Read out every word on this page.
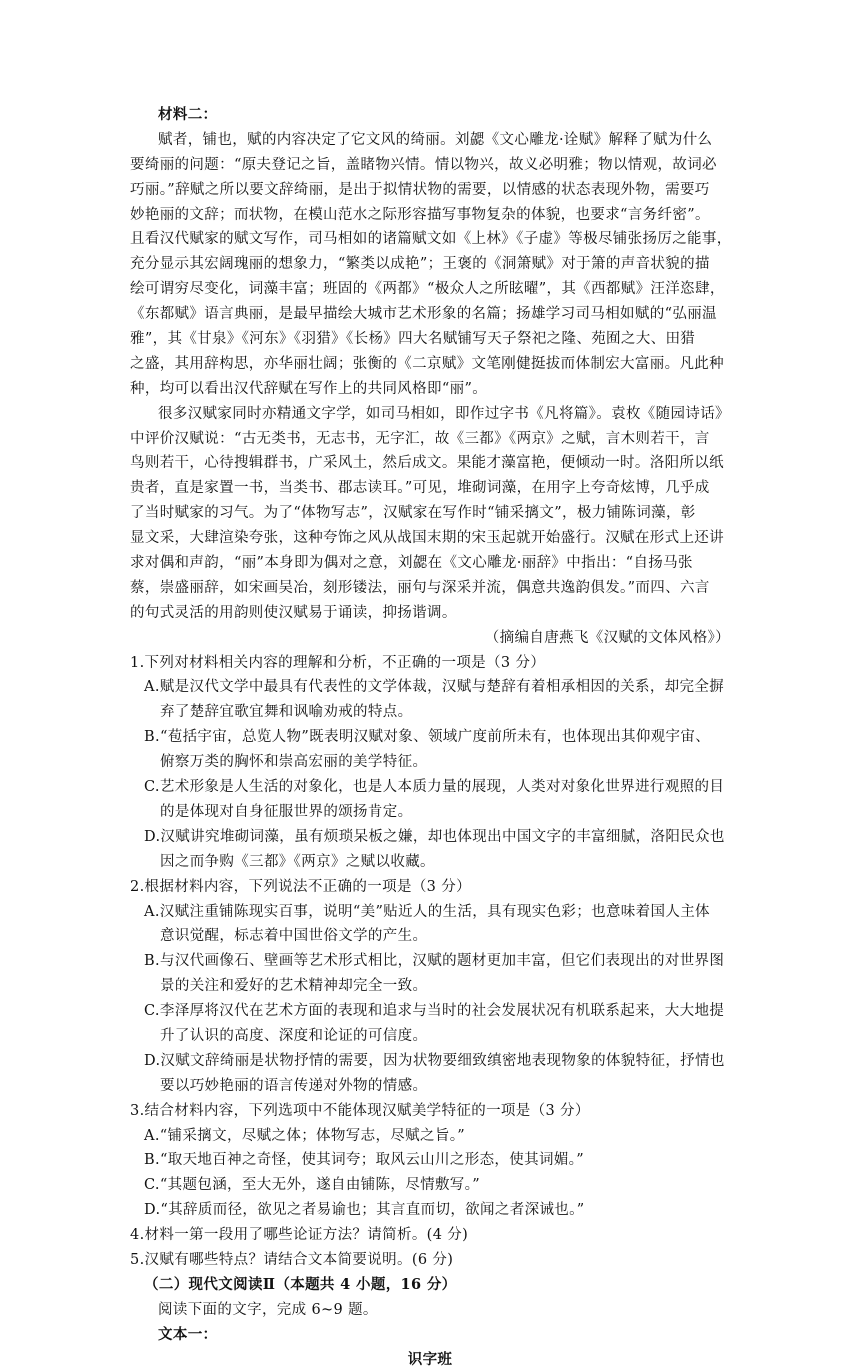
材料二：
赋者，铺也，赋的内容决定了它文风的绮丽。刘勰《文心雕龙·诠赋》解释了赋为什么
要绮丽的问题：“原夫登记之旨，盖睹物兴情。情以物兴，故义必明雅；物以情观，故词必
巧丽。”辞赋之所以要文辞绮丽，是出于拟情状物的需要，以情感的状态表现外物，需要巧
妙艳丽的文辞；而状物，在模山范水之际形容描写事物复杂的体貌，也要求“言务纤密”。
且看汉代赋家的赋文写作，司马相如的诸篇赋文如《上林》《子虚》等极尽铺张扬厉之能事，
充分显示其宏阔瑰丽的想象力，“繁类以成艳”；王褒的《洞箫赋》对于箫的声音状貌的描
绘可谓穷尽变化，词藻丰富；班固的《两都》“极众人之所眩曜”，其《西都赋》汪洋恣肆，
《东都赋》语言典丽，是最早描绘大城市艺术形象的名篇；扬雄学习司马相如赋的“弘丽温
雅”，其《甘泉》《河东》《羽猎》《长杨》四大名赋铺写天子祭祀之隆、苑囿之大、田猎
之盛，其用辞构思，亦华丽壮阔；张衡的《二京赋》文笔刚健挺拔而体制宏大富丽。凡此种
种，均可以看出汉代辞赋在写作上的共同风格即“丽”。
很多汉赋家同时亦精通文字学，如司马相如，即作过字书《凡将篇》。袁枚《随园诗话》
中评价汉赋说：“古无类书，无志书，无字汇，故《三都》《两京》之赋，言木则若干，言
鸟则若干，心待搜辑群书，广采风土，然后成文。果能才藻富艳，便倾动一时。洛阳所以纸
贵者，直是家置一书，当类书、郡志读耳。”可见，堆砌词藻，在用字上夸奇炫博，几乎成
了当时赋家的习气。为了“体物写志”，汉赋家在写作时“铺采摛文”，极力铺陈词藻，彰
显文采，大肆渲染夸张，这种夸饰之风从战国末期的宋玉起就开始盛行。汉赋在形式上还讲
求对偶和声韵，“丽”本身即为偶对之意，刘勰在《文心雕龙·丽辞》中指出：“自扬马张
蔡，崇盛丽辞，如宋画吴冶，刻形镂法，丽句与深采并流，偶意共逸韵俱发。”而四、六言
的句式灵活的用韵则使汉赋易于诵读，抑扬谐调。
（摘编自唐燕飞《汉赋的文体风格》）
1.下列对材料相关内容的理解和分析，不正确的一项是（3 分）
A.赋是汉代文学中最具有代表性的文学体裁，汉赋与楚辞有着相承相因的关系，却完全摒
弃了楚辞宜歌宜舞和讽喻劝戒的特点。
B.“苞括宇宙，总览人物”既表明汉赋对象、领域广度前所未有，也体现出其仰观宇宙、
俯察万类的胸怀和崇高宏丽的美学特征。
C.艺术形象是人生活的对象化，也是人本质力量的展现，人类对对象化世界进行观照的目
的是体现对自身征服世界的颂扬肯定。
D.汉赋讲究堆砌词藻，虽有烦琐呆板之嫌，却也体现出中国文字的丰富细腻，洛阳民众也
因之而争购《三都》《两京》之赋以收藏。
2.根据材料内容，下列说法不正确的一项是（3 分）
A.汉赋注重铺陈现实百事，说明“美”贴近人的生活，具有现实色彩；也意味着国人主体
意识觉醒，标志着中国世俗文学的产生。
B.与汉代画像石、壁画等艺术形式相比，汉赋的题材更加丰富，但它们表现出的对世界图
景的关注和爱好的艺术精神却完全一致。
C.李泽厚将汉代在艺术方面的表现和追求与当时的社会发展状况有机联系起来，大大地提
升了认识的高度、深度和论证的可信度。
D.汉赋文辞绮丽是状物抒情的需要，因为状物要细致缜密地表现物象的体貌特征，抒情也
要以巧妙艳丽的语言传递对外物的情感。
3.结合材料内容，下列选项中不能体现汉赋美学特征的一项是（3 分）
A.“铺采摛文，尽赋之体；体物写志，尽赋之旨。”
B.“取天地百神之奇怪，使其词夸；取风云山川之形态，使其词媚。”
C.“其题包涵，至大无外，遂自由铺陈，尽情敷写。”
D.“其辞质而径，欲见之者易谕也；其言直而切，欲闻之者深诫也。”
4.材料一第一段用了哪些论证方法？请简析。(4 分)
5.汉赋有哪些特点？请结合文本简要说明。(6 分)
（二）现代文阅读Ⅱ（本题共 4 小题，16 分）
阅读下面的文字，完成 6~9 题。
文本一：
识字班
